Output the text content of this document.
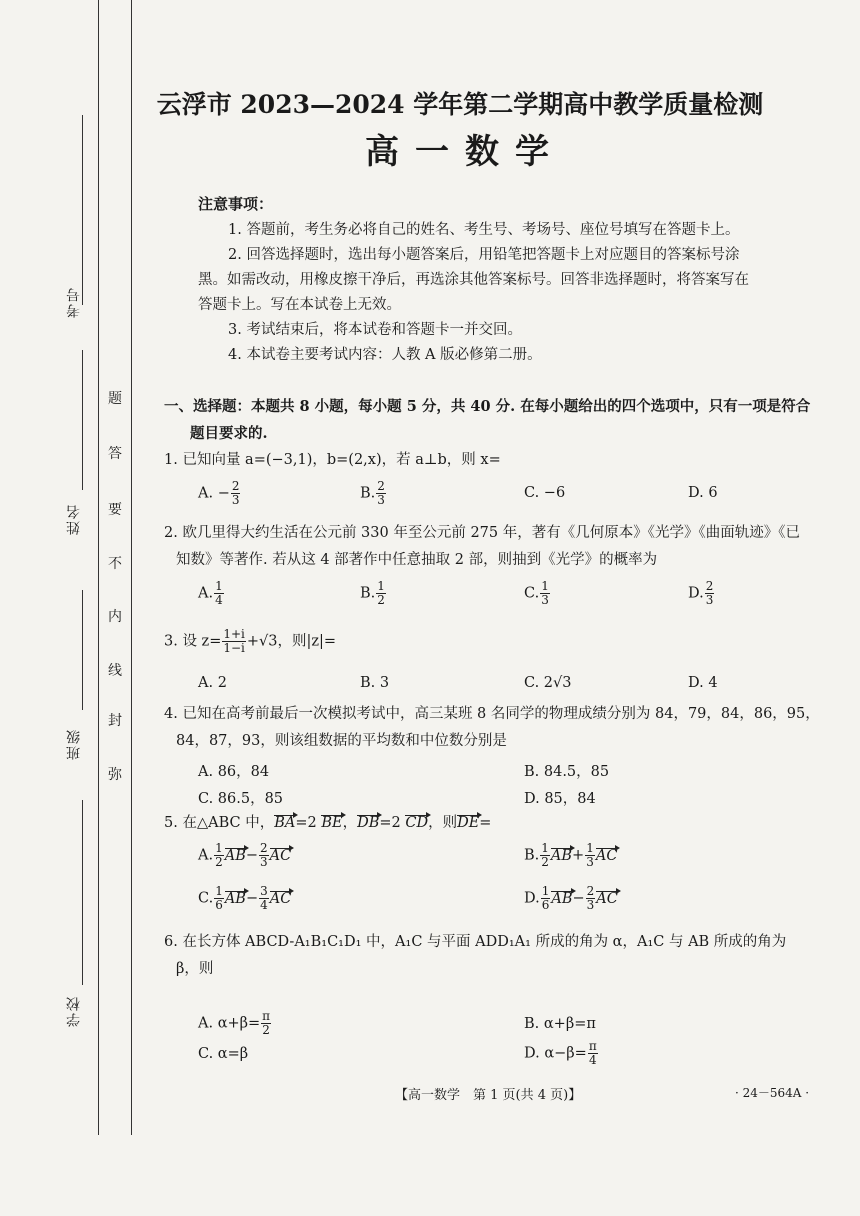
考号
姓名
班级
学校
题
答
要
不
内
线
封
弥
云浮市 2023—2024 学年第二学期高中教学质量检测
高一数学
注意事项：
1. 答题前，考生务必将自己的姓名、考生号、考场号、座位号填写在答题卡上。
2. 回答选择题时，选出每小题答案后，用铅笔把答题卡上对应题目的答案标号涂
黑。如需改动，用橡皮擦干净后，再选涂其他答案标号。回答非选择题时，将答案写在
答题卡上。写在本试卷上无效。
3. 考试结束后，将本试卷和答题卡一并交回。
4. 本试卷主要考试内容：人教 A 版必修第二册。
一、选择题：本题共 8 小题，每小题 5 分，共 40 分. 在每小题给出的四个选项中，只有一项是符合
题目要求的.
1. 已知向量 a=(−3,1)，b=(2,x)，若 a⊥b，则 x=
A. − $\frac{2}{3}$	B. $\frac{2}{3}$	C. −6	D. 6
2. 欧几里得大约生活在公元前 330 年至公元前 275 年，著有《几何原本》《光学》《曲面轨迹》《已
知数》等著作. 若从这 4 部著作中任意抽取 2 部，则抽到《光学》的概率为
A. $\frac{1}{4}$	B. $\frac{1}{2}$	C. $\frac{1}{3}$	D. $\frac{2}{3}$
3. 设 $z= \frac{1+i}{1-i} +√3$，则|z|=
A. 2	B. 3	C. 2√3	D. 4
4. 已知在高考前最后一次模拟考试中，高三某班 8 名同学的物理成绩分别为 84，79，84，86，95，
84，87，93，则该组数据的平均数和中位数分别是
A. 86，84	B. 84.5，85
C. 86.5，85	D. 85，84
5. 在△ABC 中，BA=2 BE，DB=2 CD，则DE=
A. $\frac{1}{2} AB- \frac{2}{3}$ AC	B. $\frac{1}{2} AB+ \frac{1}{3}$ AC
C. $\frac{1}{6} AB- \frac{3}{4}$ AC	D. $\frac{1}{6} AB- \frac{2}{3}$ AC
6. 在长方体 ABCD-A₁B₁C₁D₁ 中，A₁C 与平面 ADD₁A₁ 所成的角为 α，A₁C 与 AB 所成的角为
β，则
A. $\alpha+\beta= \frac{\pi}{2}$	B. α+β=π
C. α=β	D. $\alpha-\beta= \frac{\pi}{4}$
【高一数学　第 1 页(共 4 页)】	· 24－564A ·
